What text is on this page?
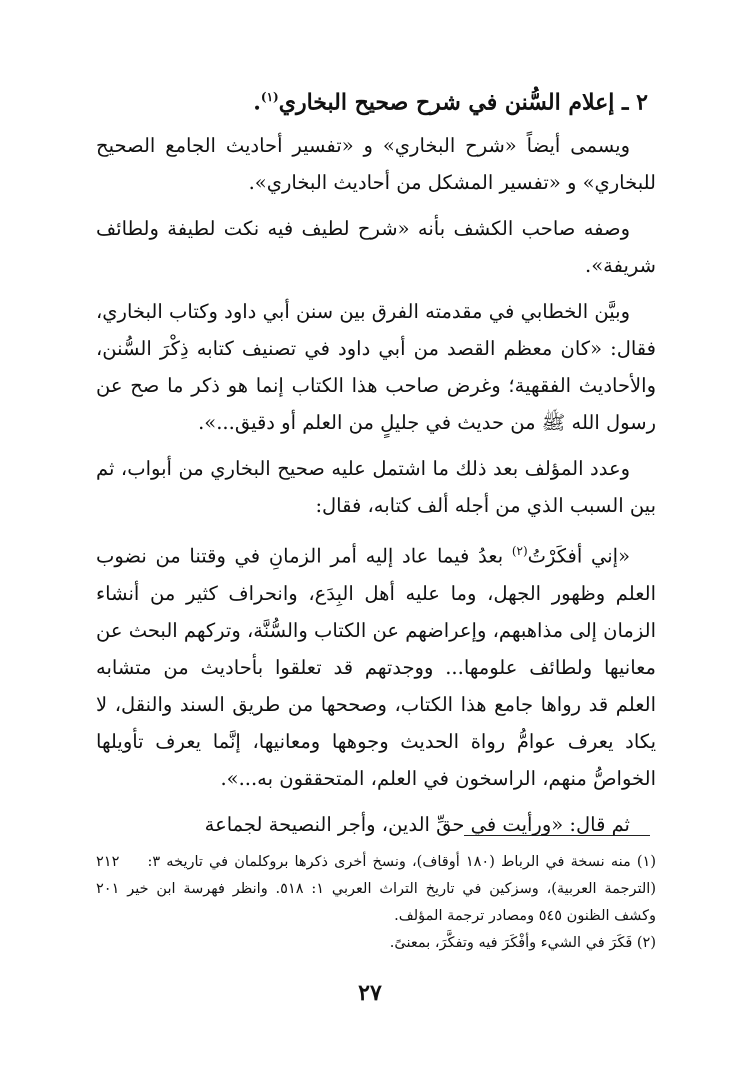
٢ ـ إعلام السُّنن في شرح صحيح البخاري$^{(١)}$.

ويسمى أيضاً «شرح البخاري» و «تفسير أحاديث الجامع الصحيح للبخاري» و «تفسير المشكل من أحاديث البخاري».

وصفه صاحب الكشف بأنه «شرح لطيف فيه نكت لطيفة ولطائف شريفة».

وبيَّن الخطابي في مقدمته الفرق بين سنن أبي داود وكتاب البخاري، فقال: «كان معظم القصد من أبي داود في تصنيف كتابه ذِكْرَ السُّنن، والأحاديث الفقهية؛ وغرض صاحب هذا الكتاب إنما هو ذكر ما صح عن رسول الله ﷺ من حديث في جليلٍ من العلم أو دقيق...».

وعدد المؤلف بعد ذلك ما اشتمل عليه صحيح البخاري من أبواب، ثم بين السبب الذي من أجله ألف كتابه، فقال:

«إني أفكَرْتُ$^{(٢)}$ بعدُ فيما عاد إليه أمر الزمانِ في وقتنا من نضوب العلم وظهور الجهل، وما عليه أهل البِدَع، وانحراف كثير من أنشاء الزمان إلى مذاهبهم، وإعراضهم عن الكتاب والسُّنَّة، وتركهم البحث عن معانيها ولطائف علومها... ووجدتهم قد تعلقوا بأحاديث من متشابه العلم قد رواها جامع هذا الكتاب، وصححها من طريق السند والنقل، لا يكاد يعرف عوامُّ رواة الحديث وجوهها ومعانيها، إنَّما يعرف تأويلها الخواصُّ منهم، الراسخون في العلم، المتحققون به...».

ثم قال: «ورأيت في حقِّ الدين، وأجر النصيحة لجماعة

(١) منه نسخة في الرباط (١٨٠ أوقاف)، ونسخ أخرى ذكرها بروكلمان في تاريخه ٣: ٢١٢ (الترجمة العربية)، وسزكين في تاريخ التراث العربي ١: ٥١٨. وانظر فهرسة ابن خير ٢٠١ وكشف الظنون ٥٤٥ ومصادر ترجمة المؤلف.
(٢) فَكَرَ في الشيء وأفْكَرَ فيه وتفكَّرَ، بمعنىً.
٢٧
